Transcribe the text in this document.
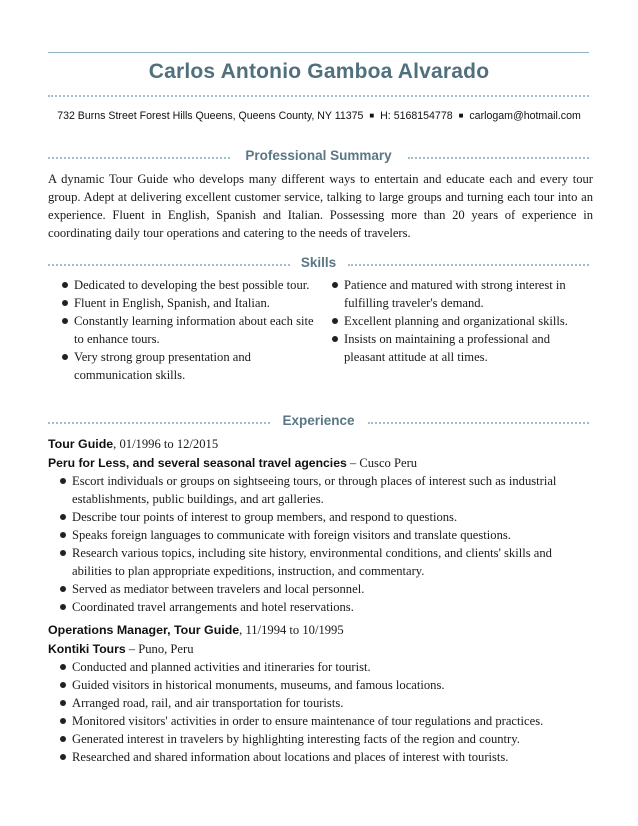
Carlos Antonio Gamboa Alvarado
732 Burns Street Forest Hills Queens, Queens County, NY 11375 ■ H: 5168154778 ■ carlogam@hotmail.com
Professional Summary
A dynamic Tour Guide who develops many different ways to entertain and educate each and every tour group. Adept at delivering excellent customer service, talking to large groups and turning each tour into an experience. Fluent in English, Spanish and Italian. Possessing more than 20 years of experience in coordinating daily tour operations and catering to the needs of travelers.
Skills
Dedicated to developing the best possible tour.
Fluent in English, Spanish, and Italian.
Constantly learning information about each site to enhance tours.
Very strong group presentation and communication skills.
Patience and matured with strong interest in fulfilling traveler's demand.
Excellent planning and organizational skills.
Insists on maintaining a professional and pleasant attitude at all times.
Experience
Tour Guide, 01/1996 to 12/2015
Peru for Less, and several seasonal travel agencies – Cusco Peru
Escort individuals or groups on sightseeing tours, or through places of interest such as industrial establishments, public buildings, and art galleries.
Describe tour points of interest to group members, and respond to questions.
Speaks foreign languages to communicate with foreign visitors and translate questions.
Research various topics, including site history, environmental conditions, and clients' skills and abilities to plan appropriate expeditions, instruction, and commentary.
Served as mediator between travelers and local personnel.
Coordinated travel arrangements and hotel reservations.
Operations Manager, Tour Guide, 11/1994 to 10/1995
Kontiki Tours – Puno, Peru
Conducted and planned activities and itineraries for tourist.
Guided visitors in historical monuments, museums, and famous locations.
Arranged road, rail, and air transportation for tourists.
Monitored visitors' activities in order to ensure maintenance of tour regulations and practices.
Generated interest in travelers by highlighting interesting facts of the region and country.
Researched and shared information about locations and places of interest with tourists.
